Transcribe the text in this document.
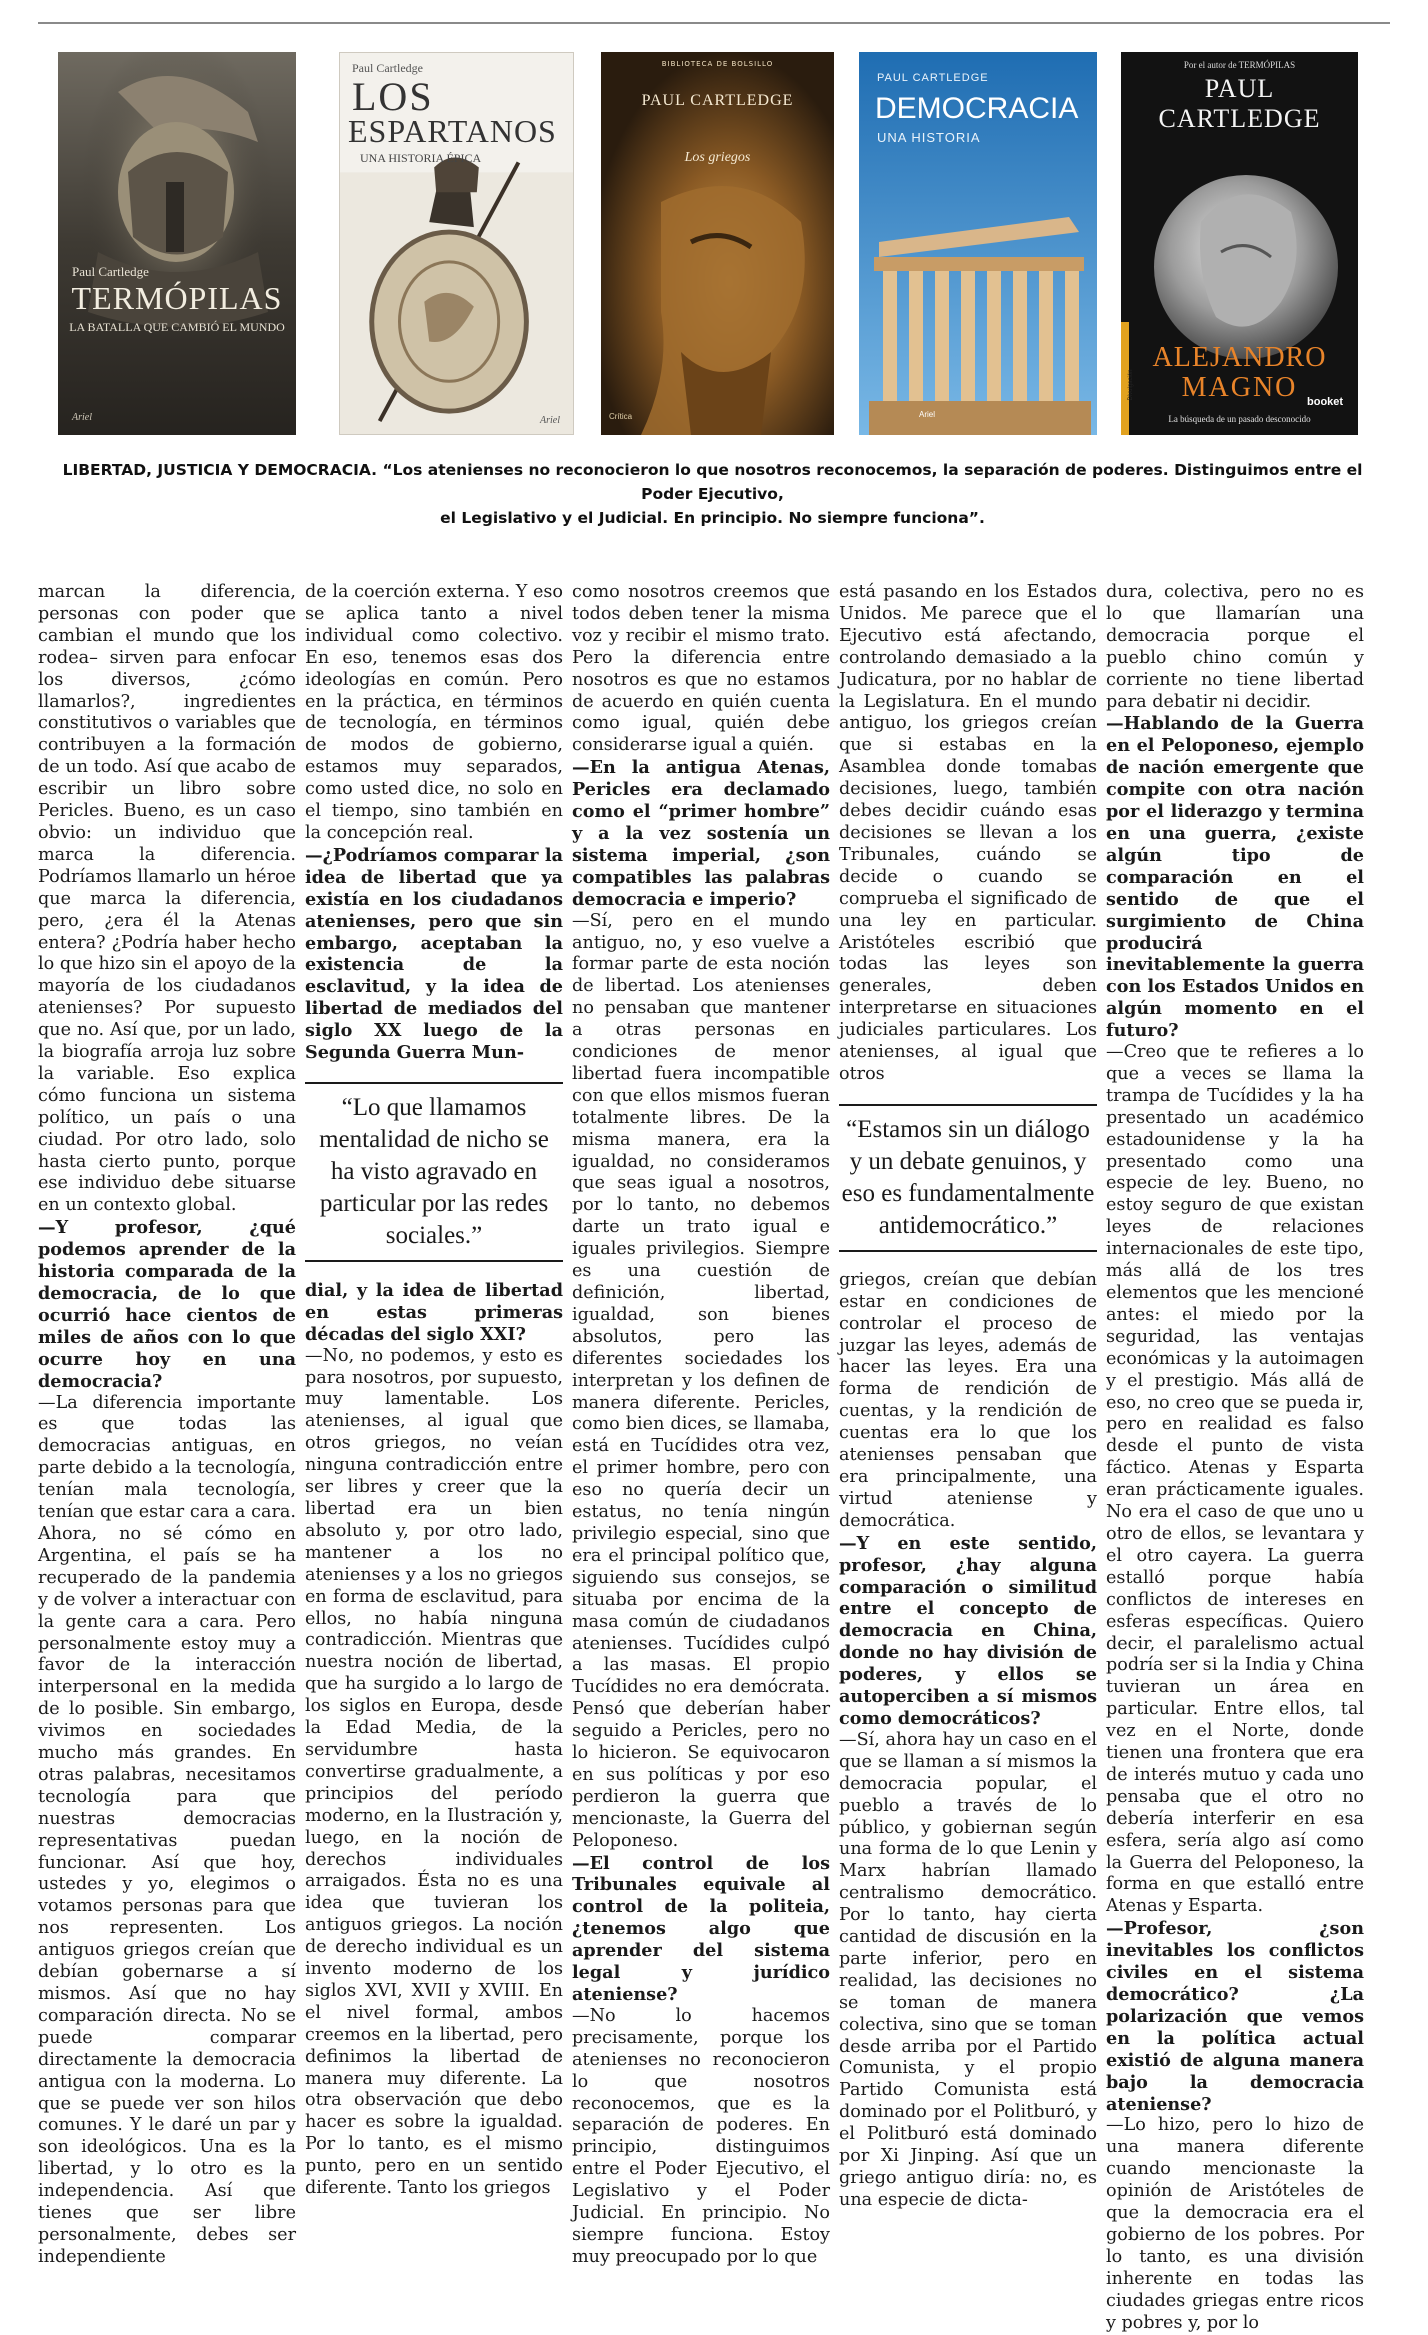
Paul Cartledge
TERMÓPILAS
LA BATALLA QUE CAMBIÓ EL MUNDO
Ariel
Paul Cartledge
LOS
ESPARTANOS
UNA HISTORIA ÉPICA
Ariel
BIBLIOTECA DE BOLSILLO
PAUL CARTLEDGE
Los griegos
Crítica
PAUL CARTLEDGE
DEMOCRACIA
UNA HISTORIA
Ariel
Por el autor de TERMÓPILAS
PAUL
CARTLEDGE
ALEJANDRO
MAGNO
La búsqueda de un pasado desconocido
Divulgación
booket
LIBERTAD, JUSTICIA Y DEMOCRACIA. “Los atenienses no reconocieron lo que nosotros reconocemos, la separación de poderes. Distinguimos entre el Poder Ejecutivo,
el Legislativo y el Judicial. En principio. No siempre funciona”.

marcan la diferencia, personas con poder que cambian el mundo que los rodea– sirven para enfocar los diversos, ¿cómo llamarlos?, ingredientes constitutivos o variables que contribuyen a la formación de un todo. Así que acabo de escribir un libro sobre Pericles. Bueno, es un caso obvio: un individuo que marca la diferencia. Podríamos llamarlo un héroe que marca la diferencia, pero, ¿era él la Atenas entera? ¿Podría haber hecho lo que hizo sin el apoyo de la mayoría de los ciudadanos atenienses? Por supuesto que no. Así que, por un lado, la biografía arroja luz sobre la variable. Eso explica cómo funciona un sistema político, un país o una ciudad. Por otro lado, solo hasta cierto punto, porque ese individuo debe situarse en un contexto global.

—Y profesor, ¿qué podemos aprender de la historia comparada de la democracia, de lo que ocurrió hace cientos de miles de años con lo que ocurre hoy en una democracia?

—La diferencia importante es que todas las democracias antiguas, en parte debido a la tecnología, tenían mala tecnología, tenían que estar cara a cara. Ahora, no sé cómo en Argentina, el país se ha recuperado de la pandemia y de volver a interactuar con la gente cara a cara. Pero personalmente estoy muy a favor de la interacción interpersonal en la medida de lo posible. Sin embargo, vivimos en sociedades mucho más grandes. En otras palabras, necesitamos tecnología para que nuestras democracias representativas puedan funcionar. Así que hoy, ustedes y yo, elegimos o votamos personas para que nos representen. Los antiguos griegos creían que debían gobernarse a sí mismos. Así que no hay comparación directa. No se puede comparar directamente la democracia antigua con la moderna. Lo que se puede ver son hilos comunes. Y le daré un par y son ideológicos. Una es la libertad, y lo otro es la independencia. Así que tienes que ser libre personalmente, debes ser independiente

de la coerción externa. Y eso se aplica tanto a nivel individual como colectivo. En eso, tenemos esas dos ideologías en común. Pero en la práctica, en términos de tecnología, en términos de modos de gobierno, estamos muy separados, como usted dice, no solo en el tiempo, sino también en la concepción real.

—¿Podríamos comparar la idea de libertad que ya existía en los ciudadanos atenienses, pero que sin embargo, aceptaban la existencia de la esclavitud, y la idea de libertad de mediados del siglo XX luego de la Segunda Guerra Mun-

“Lo que llamamos mentalidad de nicho se ha visto agravado en particular por las redes sociales.”

dial, y la idea de libertad en estas primeras décadas del siglo XXI?

—No, no podemos, y esto es para nosotros, por supuesto, muy lamentable. Los atenienses, al igual que otros griegos, no veían ninguna contradicción entre ser libres y creer que la libertad era un bien absoluto y, por otro lado, mantener a los no atenienses y a los no griegos en forma de esclavitud, para ellos, no había ninguna contradicción. Mientras que nuestra noción de libertad, que ha surgido a lo largo de los siglos en Europa, desde la Edad Media, de la servidumbre hasta convertirse gradualmente, a principios del período moderno, en la Ilustración y, luego, en la noción de derechos individuales arraigados. Ésta no es una idea que tuvieran los antiguos griegos. La noción de derecho individual es un invento moderno de los siglos XVI, XVII y XVIII. En el nivel formal, ambos creemos en la libertad, pero definimos la libertad de manera muy diferente. La otra observación que debo hacer es sobre la igualdad. Por lo tanto, es el mismo punto, pero en un sentido diferente. Tanto los griegos

como nosotros creemos que todos deben tener la misma voz y recibir el mismo trato. Pero la diferencia entre nosotros es que no estamos de acuerdo en quién cuenta como igual, quién debe considerarse igual a quién.

—En la antigua Atenas, Pericles era declamado como el “primer hombre” y a la vez sostenía un sistema imperial, ¿son compatibles las palabras democracia e imperio?

—Sí, pero en el mundo antiguo, no, y eso vuelve a formar parte de esta noción de libertad. Los atenienses no pensaban que mantener a otras personas en condiciones de menor libertad fuera incompatible con que ellos mismos fueran totalmente libres. De la misma manera, era la igualdad, no consideramos que seas igual a nosotros, por lo tanto, no debemos darte un trato igual e iguales privilegios. Siempre es una cuestión de definición, libertad, igualdad, son bienes absolutos, pero las diferentes sociedades los interpretan y los definen de manera diferente. Pericles, como bien dices, se llamaba, está en Tucídides otra vez, el primer hombre, pero con eso no quería decir un estatus, no tenía ningún privilegio especial, sino que era el principal político que, siguiendo sus consejos, se situaba por encima de la masa común de ciudadanos atenienses. Tucídides culpó a las masas. El propio Tucídides no era demócrata. Pensó que deberían haber seguido a Pericles, pero no lo hicieron. Se equivocaron en sus políticas y por eso perdieron la guerra que mencionaste, la Guerra del Peloponeso.

—El control de los Tribunales equivale al control de la politeia, ¿tenemos algo que aprender del sistema legal y jurídico ateniense?

—No lo hacemos precisamente, porque los atenienses no reconocieron lo que nosotros reconocemos, que es la separación de poderes. En principio, distinguimos entre el Poder Ejecutivo, el Legislativo y el Poder Judicial. En principio. No siempre funciona. Estoy muy preocupado por lo que

está pasando en los Estados Unidos. Me parece que el Ejecutivo está afectando, controlando demasiado a la Judicatura, por no hablar de la Legislatura. En el mundo antiguo, los griegos creían que si estabas en la Asamblea donde tomabas decisiones, luego, también debes decidir cuándo esas decisiones se llevan a los Tribunales, cuándo se decide o cuando se comprueba el significado de una ley en particular. Aristóteles escribió que todas las leyes son generales, deben interpretarse en situaciones judiciales particulares. Los atenienses, al igual que otros

“Estamos sin un diálogo y un debate genuinos, y eso es fundamentalmente antidemocrático.”

griegos, creían que debían estar en condiciones de controlar el proceso de juzgar las leyes, además de hacer las leyes. Era una forma de rendición de cuentas, y la rendición de cuentas era lo que los atenienses pensaban que era principalmente, una virtud ateniense y democrática.

—Y en este sentido, profesor, ¿hay alguna comparación o similitud entre el concepto de democracia en China, donde no hay división de poderes, y ellos se autoperciben a sí mismos como democráticos?

—Sí, ahora hay un caso en el que se llaman a sí mismos la democracia popular, el pueblo a través de lo público, y gobiernan según una forma de lo que Lenin y Marx habrían llamado centralismo democrático. Por lo tanto, hay cierta cantidad de discusión en la parte inferior, pero en realidad, las decisiones no se toman de manera colectiva, sino que se toman desde arriba por el Partido Comunista, y el propio Partido Comunista está dominado por el Politburó, y el Politburó está dominado por Xi Jinping. Así que un griego antiguo diría: no, es una especie de dicta-

dura, colectiva, pero no es lo que llamarían una democracia porque el pueblo chino común y corriente no tiene libertad para debatir ni decidir.

—Hablando de la Guerra en el Peloponeso, ejemplo de nación emergente que compite con otra nación por el liderazgo y termina en una guerra, ¿existe algún tipo de comparación en el sentido de que el surgimiento de China producirá inevitablemente la guerra con los Estados Unidos en algún momento en el futuro?

—Creo que te refieres a lo que a veces se llama la trampa de Tucídides y la ha presentado un académico estadounidense y la ha presentado como una especie de ley. Bueno, no estoy seguro de que existan leyes de relaciones internacionales de este tipo, más allá de los tres elementos que les mencioné antes: el miedo por la seguridad, las ventajas económicas y la autoimagen y el prestigio. Más allá de eso, no creo que se pueda ir, pero en realidad es falso desde el punto de vista fáctico. Atenas y Esparta eran prácticamente iguales. No era el caso de que uno u otro de ellos, se levantara y el otro cayera. La guerra estalló porque había conflictos de intereses en esferas específicas. Quiero decir, el paralelismo actual podría ser si la India y China tuvieran un área en particular. Entre ellos, tal vez en el Norte, donde tienen una frontera que era de interés mutuo y cada uno pensaba que el otro no debería interferir en esa esfera, sería algo así como la Guerra del Peloponeso, la forma en que estalló entre Atenas y Esparta.

—Profesor, ¿son inevitables los conflictos civiles en el sistema democrático? ¿La polarización que vemos en la política actual existió de alguna manera bajo la democracia ateniense?

—Lo hizo, pero lo hizo de una manera diferente cuando mencionaste la opinión de Aristóteles de que la democracia era el gobierno de los pobres. Por lo tanto, es una división inherente en todas las ciudades griegas entre ricos y pobres y, por lo
